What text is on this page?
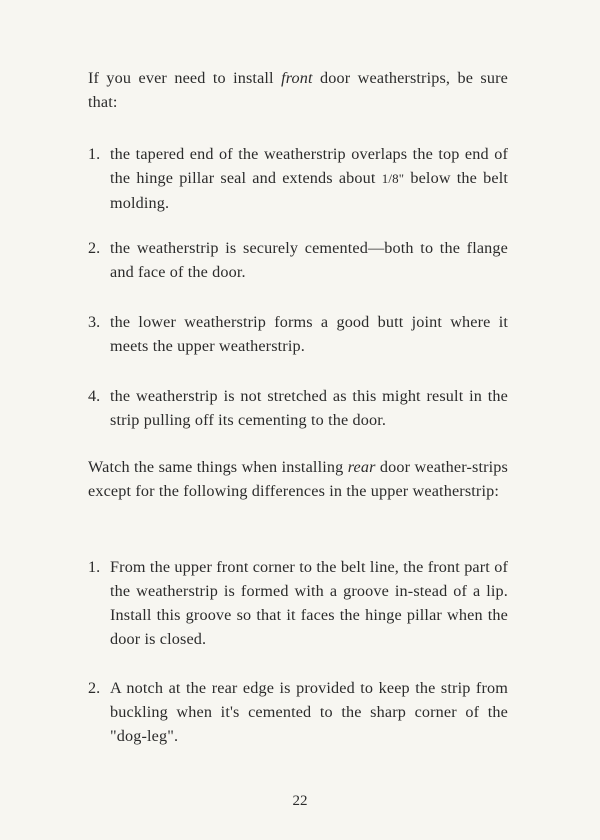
If you ever need to install front door weatherstrips, be sure that:

1. the tapered end of the weatherstrip overlaps the top end of the hinge pillar seal and extends about 1/8" below the belt molding.
2. the weatherstrip is securely cemented—both to the flange and face of the door.
3. the lower weatherstrip forms a good butt joint where it meets the upper weatherstrip.
4. the weatherstrip is not stretched as this might result in the strip pulling off its cementing to the door.

Watch the same things when installing rear door weather-strips except for the following differences in the upper weatherstrip:

1. From the upper front corner to the belt line, the front part of the weatherstrip is formed with a groove in-stead of a lip. Install this groove so that it faces the hinge pillar when the door is closed.
2. A notch at the rear edge is provided to keep the strip from buckling when it's cemented to the sharp corner of the "dog-leg".
22
